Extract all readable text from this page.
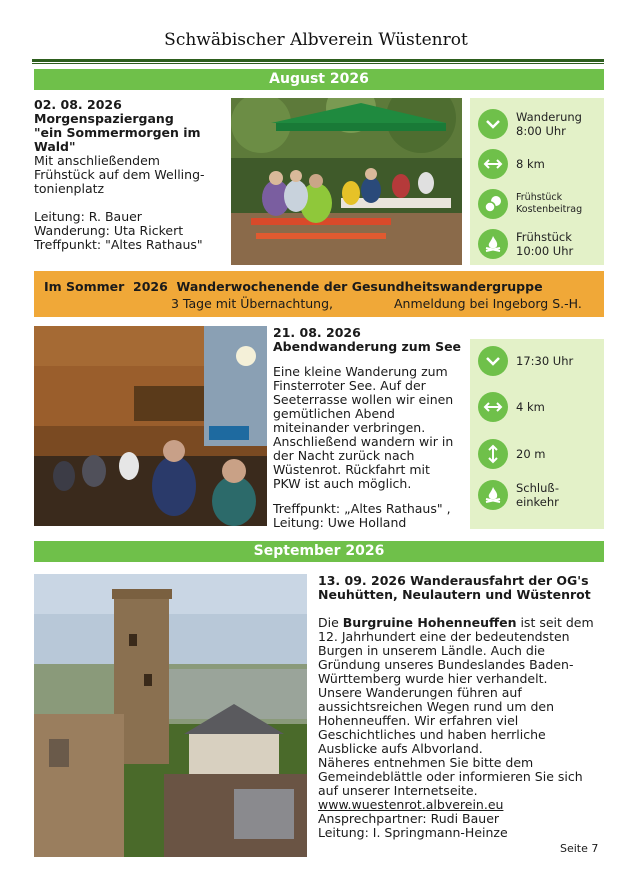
Schwäbischer Albverein Wüstenrot
August 2026
02. 08. 2026
Morgenspaziergang
"ein Sommermorgen im
Wald"
Mit anschließendem
Frühstück auf dem Welling-
tonienplatz
Leitung: R. Bauer
Wanderung: Uta Rickert
Treffpunkt: "Altes Rathaus"
Wanderung
8:00 Uhr
8 km
Frühstück
Kostenbeitrag
Frühstück
10:00 Uhr
Im Sommer  2026  Wanderwochenende der Gesundheitswandergruppe
3 Tage mit Übernachtung,	Anmeldung bei Ingeborg S.-H.
21. 08. 2026
Abendwanderung zum See
Eine kleine Wanderung zum
Finsterroter See. Auf der
Seeterrasse wollen wir einen
gemütlichen Abend
miteinander verbringen.
Anschließend wandern wir in
der Nacht zurück nach
Wüstenrot. Rückfahrt mit
PKW ist auch möglich.
Treffpunkt: „Altes Rathaus" ,
Leitung: Uwe Holland
17:30 Uhr
4 km
20 m
Schluß-
einkehr
September 2026
13. 09. 2026 Wanderausfahrt der OG's
Neuhütten, Neulautern und Wüstenrot
Die Burgruine Hohenneuffen ist seit dem
12. Jahrhundert eine der bedeutendsten
Burgen in unserem Ländle. Auch die
Gründung unseres Bundeslandes Baden-
Württemberg wurde hier verhandelt.
Unsere Wanderungen führen auf
aussichtsreichen Wegen rund um den
Hohenneuffen. Wir erfahren viel
Geschichtliches und haben herrliche
Ausblicke aufs Albvorland.
Näheres entnehmen Sie bitte dem
Gemeindeblättle oder informieren Sie sich
auf unserer Internetseite.
www.wuestenrot.albverein.eu
Ansprechpartner: Rudi Bauer
Leitung: I. Springmann-Heinze
Seite 7
